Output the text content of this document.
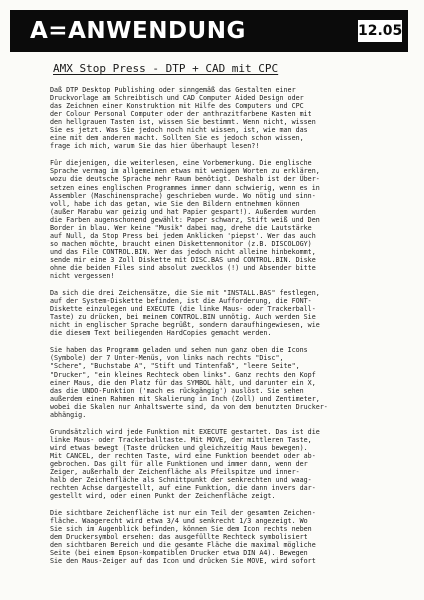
A=ANWENDUNG	12.05
AMX Stop Press - DTP + CAD mit CPC
Daß DTP Desktop Publishing oder sinngemäß das Gestalten einer
Druckvorlage am Schreibtisch und CAD Computer Aided Design oder
das Zeichnen einer Konstruktion mit Hilfe des Computers und CPC
der Colour Personal Computer oder der anthrazitfarbene Kasten mit
den hellgrauen Tasten ist, wissen Sie bestimmt. Wenn nicht, wissen
Sie es jetzt. Was Sie jedoch noch nicht wissen, ist, wie man das
eine mit dem anderen macht. Sollten Sie es jedoch schon wissen,
frage ich mich, warum Sie das hier überhaupt lesen?!
Für diejenigen, die weiterlesen, eine Vorbemerkung. Die englische
Sprache vermag im allgemeinen etwas mit wenigen Worten zu erklären,
wozu die deutsche Sprache mehr Raum benötigt. Deshalb ist der Über-
setzen eines englischen Programmes immer dann schwierig, wenn es in
Assembler (Maschinensprache) geschrieben wurde. Wo nötig und sinn-
voll, habe ich das getan, wie Sie den Bildern entnehmen können
(außer Marabu war geizig und hat Papier gespart!). Außerdem wurden
die Farben augenschonend gewählt: Paper schwarz, Stift weiß und Den
Border in blau. Wer keine "Musik" dabei mag, drehe die Lautstärke
auf Null, da Stop Press bei jedem Anklicken 'piepst'. Wer das auch
so machen möchte, braucht einen Diskettenmonitor (z.B. DISCOLOGY)
und das File CONTROL.BIN. Wer das jedoch nicht alleine hinbekommt,
sende mir eine 3 Zoll Diskette mit DISC.BAS und CONTROL.BIN. Diske
ohne die beiden Files sind absolut zwecklos (!) und Absender bitte
nicht vergessen!
Da sich die drei Zeichensätze, die Sie mit "INSTALL.BAS" festlegen,
auf der System-Diskette befinden, ist die Aufforderung, die FONT-
Diskette einzulegen und EXECUTE (die linke Maus- oder Trackerball-
Taste) zu drücken, bei meinem CONTROL.BIN unnötig. Auch werden Sie
nicht in englischer Sprache begrüßt, sondern daraufhingewiesen, wie
die diesem Text beiliegenden HardCopies gemacht werden.
Sie haben das Programm geladen und sehen nun ganz oben die Icons
(Symbole) der 7 Unter-Menüs, von links nach rechts "Disc",
"Schere", "Buchstabe A", "Stift und Tintenfaß", "leere Seite",
"Drucker", "ein kleines Rechteck oben links". Ganz rechts den Kopf
einer Maus, die den Platz für das SYMBOL hält, und darunter ein X,
das die UNDO-Funktion ('mach es rückgängig') auslöst. Sie sehen
außerdem einen Rahmen mit Skalierung in Inch (Zoll) und Zentimeter,
wobei die Skalen nur Anhaltswerte sind, da von dem benutzten Drucker-
abhängig.
Grundsätzlich wird jede Funktion mit EXECUTE gestartet. Das ist die
linke Maus- oder Trackerballtaste. Mit MOVE, der mittleren Taste,
wird etwas bewegt (Taste drücken und gleichzeitig Maus bewegen).
Mit CANCEL, der rechten Taste, wird eine Funktion beendet oder ab-
gebrochen. Das gilt für alle Funktionen und immer dann, wenn der
Zeiger, außerhalb der Zeichenfläche als Pfeilspitze und inner-
halb der Zeichenfläche als Schnittpunkt der senkrechten und waag-
rechten Achse dargestellt, auf eine Funktion, die dann invers dar-
gestellt wird, oder einen Punkt der Zeichenfläche zeigt.
Die sichtbare Zeichenfläche ist nur ein Teil der gesamten Zeichen-
fläche. Waagerecht wird etwa 3/4 und senkrecht 1/3 angezeigt. Wo
Sie sich im Augenblick befinden, können Sie dem Icon rechts neben
dem Druckersymbol ersehen: das ausgefüllte Rechteck symbolisiert
den sichtbaren Bereich und die gesamte Fläche die maximal mögliche
Seite (bei einem Epson-kompatiblen Drucker etwa DIN A4). Bewegen
Sie den Maus-Zeiger auf das Icon und drücken Sie MOVE, wird sofort
